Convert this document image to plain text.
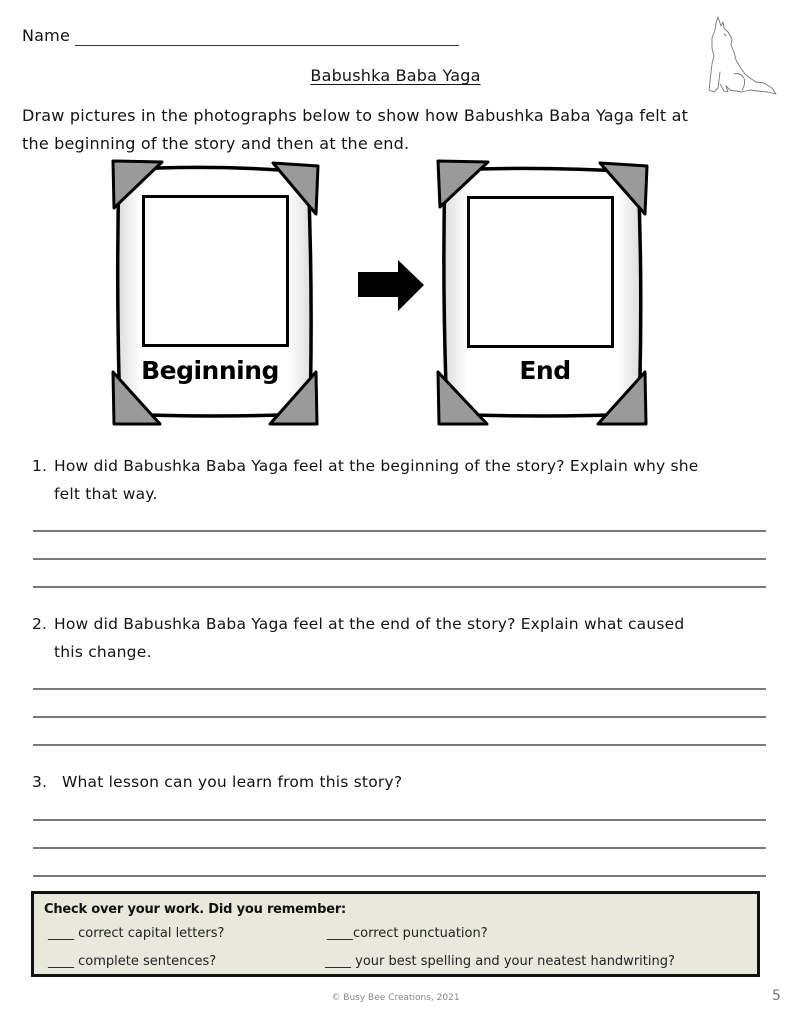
Name
Babushka Baba Yaga
Draw pictures in the photographs below to show how Babushka Baba Yaga felt at
the beginning of the story and then at the end.
Beginning	End
1. How did Babushka Baba Yaga feel at the beginning of the story? Explain why she
felt that way.
2. How did Babushka Baba Yaga feel at the end of the story? Explain what caused
this change.
3. What lesson can you learn from this story?
Check over your work. Did you remember:
____ correct capital letters?	____correct punctuation?
____ complete sentences?	____ your best spelling and your neatest handwriting?
© Busy Bee Creations, 2021	5
